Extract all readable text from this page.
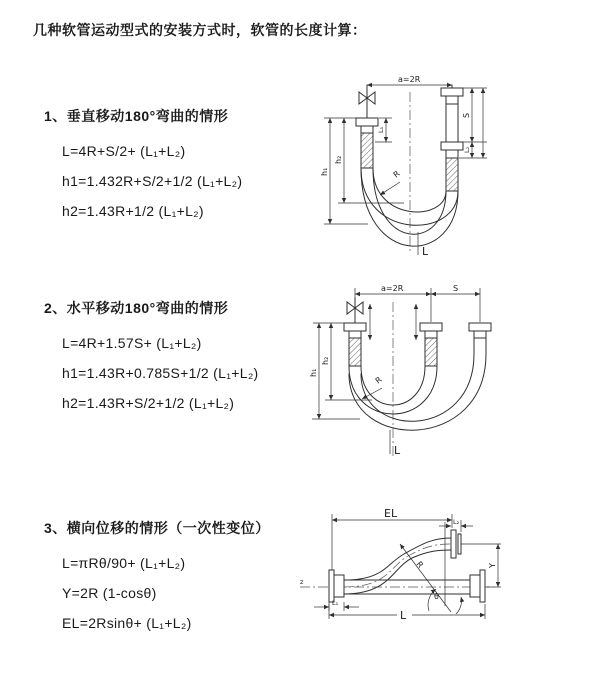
几种软管运动型式的安装方式时，软管的长度计算：
1、垂直移动180°弯曲的情形
L=4R+S/2+ (L₁+L₂)
h1=1.432R+S/2+1/2 (L₁+L₂)
h2=1.43R+1/2 (L₁+L₂)
2、水平移动180°弯曲的情形
L=4R+1.57S+ (L₁+L₂)
h1=1.43R+0.785S+1/2 (L₁+L₂)
h2=1.43R+S/2+1/2 (L₁+L₂)
3、横向位移的情形（一次性变位）
L=πRθ/90+ (L₁+L₂)
Y=2R (1-cosθ)
EL=2Rsinθ+ (L₁+L₂)
a=2R
L₁
S
L₂
h₂
h₁	R
L
a=2R	S
h₂
h₁
R
L
z
EL
L₂
R
θ
Y
L₁
L
